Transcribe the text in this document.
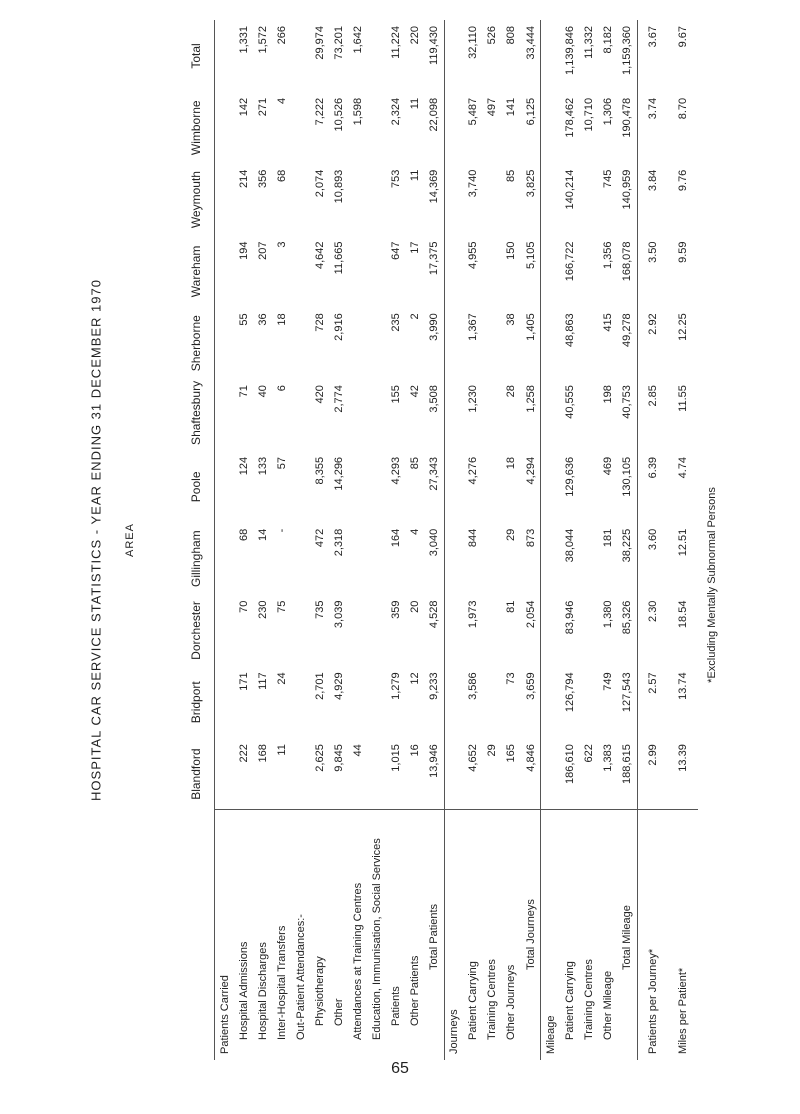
HOSPITAL CAR SERVICE STATISTICS - YEAR ENDING 31 DECEMBER 1970 AREA
	Blandford	Bridport	Dorchester	Gillingham	Poole	Shaftesbury	Sherborne	Wareham	Weymouth	Wimborne	Total
Patients Carried											
Hospital Admissions	222	171	70	68	124	71	55	194	214	142	1,331
Hospital Discharges	168	117	230	14	133	40	36	207	356	271	1,572
Inter-Hospital Transfers	11	24	75	-	57	6	18	3	68	4	266
Out-Patient Attendances:-											
Physiotherapy	2,625	2,701	735	472	8,355	420	728	4,642	2,074	7,222	29,974
Other	9,845	4,929	3,039	2,318	14,296	2,774	2,916	11,665	10,893	10,526	73,201
Attendances at Training Centres	44									1,598	1,642
Education, Immunisation, Social Services											
Patients	1,015	1,279	359	164	4,293	155	235	647	753	2,324	11,224
Other Patients	16	12	20	4	85	42	2	17	11	11	220
Total Patients	13,946	9,233	4,528	3,040	27,343	3,508	3,990	17,375	14,369	22,098	119,430
Journeys											
Patient Carrying	4,652	3,586	1,973	844	4,276	1,230	1,367	4,955	3,740	5,487	32,110
Training Centres	29									497	526
Other Journeys	165	73	81	29	18	28	38	150	85	141	808
Total Journeys	4,846	3,659	2,054	873	4,294	1,258	1,405	5,105	3,825	6,125	33,444
Mileage											
Patient Carrying	186,610	126,794	83,946	38,044	129,636	40,555	48,863	166,722	140,214	178,462	1,139,846
Training Centres	622									10,710	11,332
Other Mileage	1,383	749	1,380	181	469	198	415	1,356	745	1,306	8,182
Total Mileage	188,615	127,543	85,326	38,225	130,105	40,753	49,278	168,078	140,959	190,478	1,159,360
Patients per Journey*	2.99	2.57	2.30	3.60	6.39	2.85	2.92	3.50	3.84	3.74	3.67
Miles per Patient*	13.39	13.74	18.54	12.51	4.74	11.55	12.25	9.59	9.76	8.70	9.67
*Excluding Mentally Subnormal Persons
65
